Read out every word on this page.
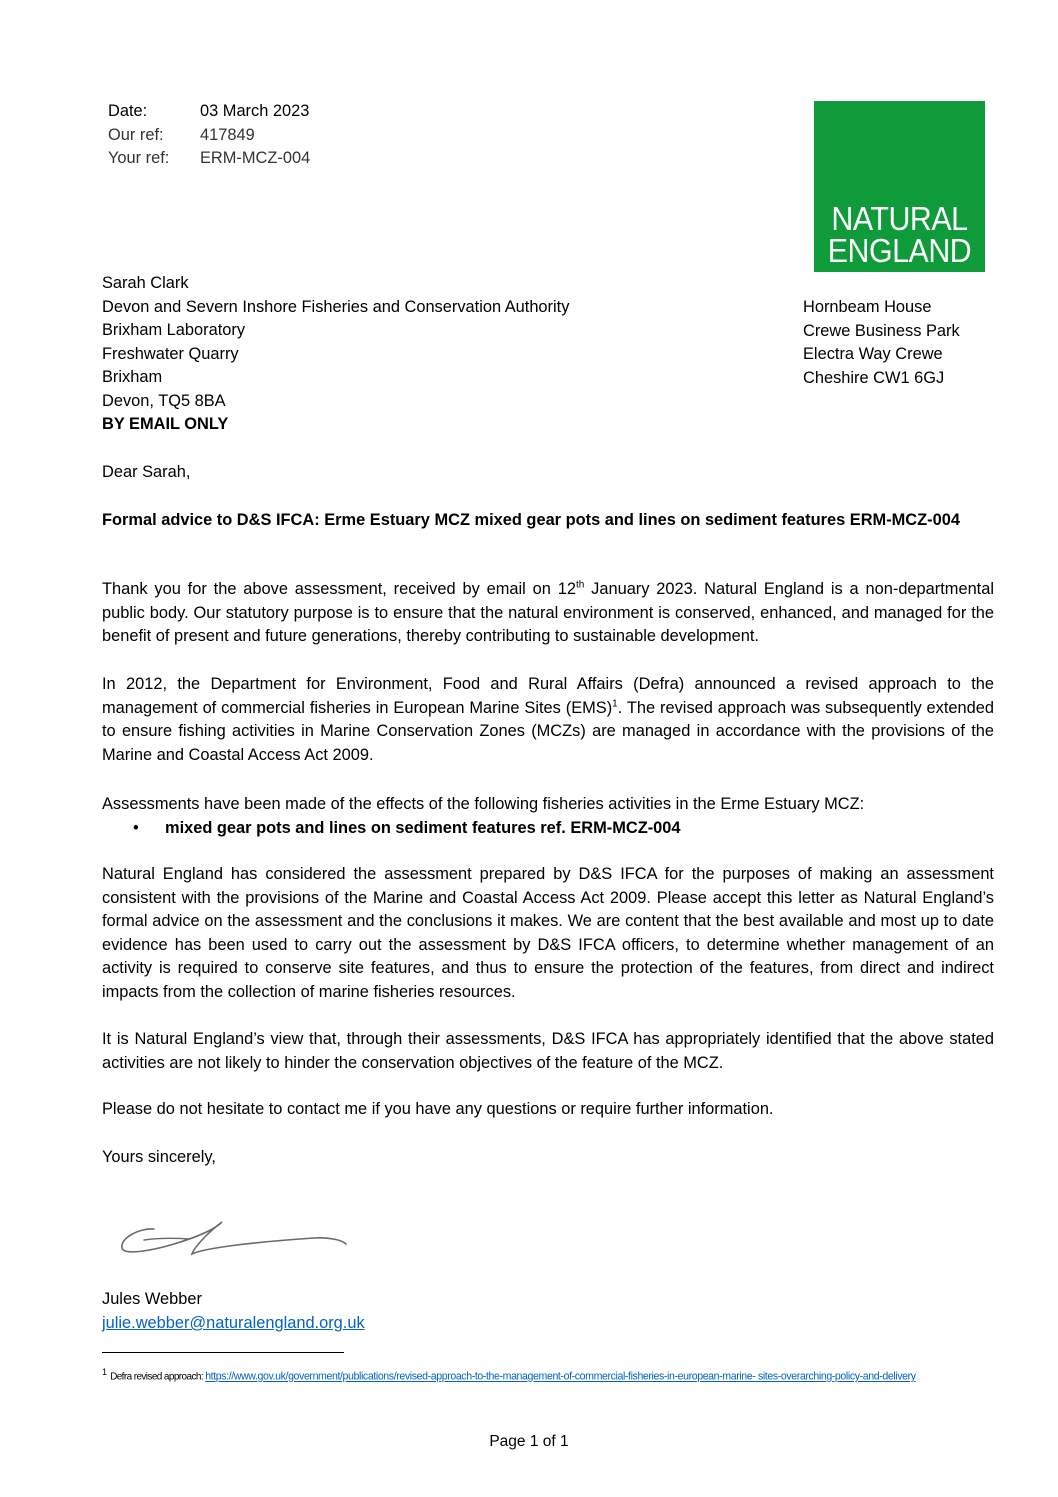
Date:	03 March 2023
Our ref:	417849
Your ref:	ERM-MCZ-004
NATURAL
ENGLAND
Sarah Clark
Devon and Severn Inshore Fisheries and Conservation Authority
Brixham Laboratory
Freshwater Quarry
Brixham
Devon, TQ5 8BA
BY EMAIL ONLY
Hornbeam House
Crewe Business Park
Electra Way Crewe
Cheshire CW1 6GJ
Dear Sarah,

Formal advice to D&S IFCA: Erme Estuary MCZ mixed gear pots and lines on sediment features ERM-MCZ-004

Thank you for the above assessment, received by email on 12th January 2023. Natural England is a non-departmental public body. Our statutory purpose is to ensure that the natural environment is conserved, enhanced, and managed for the benefit of present and future generations, thereby contributing to sustainable development.

In 2012, the Department for Environment, Food and Rural Affairs (Defra) announced a revised approach to the management of commercial fisheries in European Marine Sites (EMS)$^1$. The revised approach was subsequently extended to ensure fishing activities in Marine Conservation Zones (MCZs) are managed in accordance with the provisions of the Marine and Coastal Access Act 2009.

Assessments have been made of the effects of the following fisheries activities in the Erme Estuary MCZ:

•	mixed gear pots and lines on sediment features ref. ERM-MCZ-004

Natural England has considered the assessment prepared by D&S IFCA for the purposes of making an assessment consistent with the provisions of the Marine and Coastal Access Act 2009. Please accept this letter as Natural England’s formal advice on the assessment and the conclusions it makes. We are content that the best available and most up to date evidence has been used to carry out the assessment by D&S IFCA officers, to determine whether management of an activity is required to conserve site features, and thus to ensure the protection of the features, from direct and indirect impacts from the collection of marine fisheries resources.

It is Natural England’s view that, through their assessments, D&S IFCA has appropriately identified that the above stated activities are not likely to hinder the conservation objectives of the feature of the MCZ.

Please do not hesitate to contact me if you have any questions or require further information.

Yours sincerely,
Jules Webber
julie.webber@naturalengland.org.uk
$^1$ Defra revised approach: https://www.gov.uk/government/publications/revised-approach-to-the-management-of-commercial-fisheries-in-european-marine- sites-overarching-policy-and-delivery
Page 1 of 1
